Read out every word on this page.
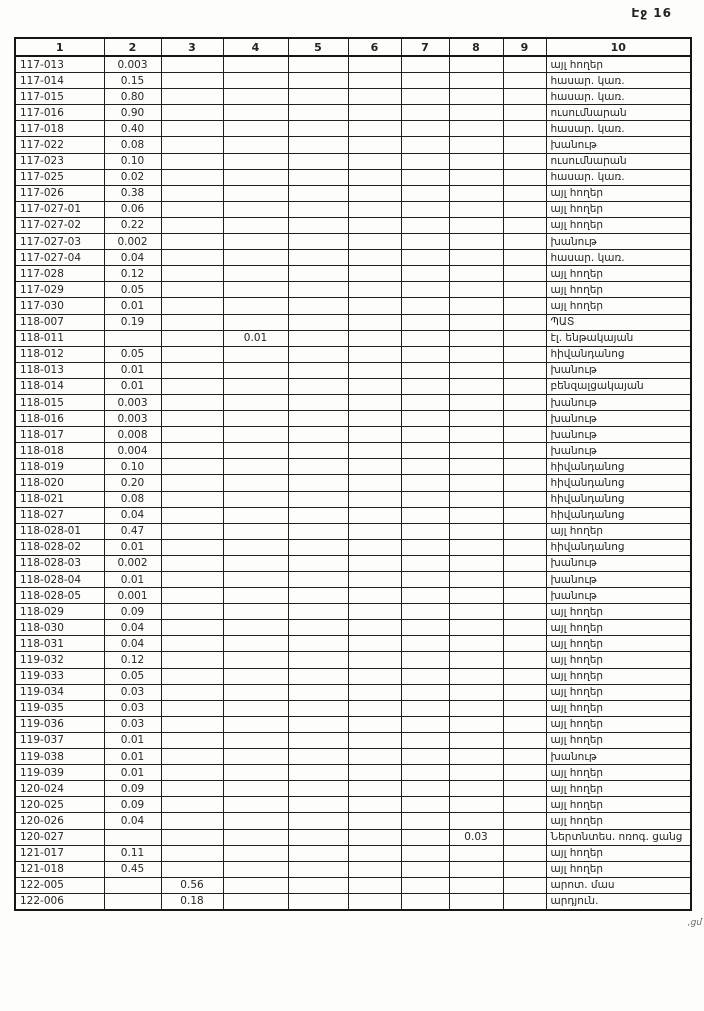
Էջ 16
1	2	3	4	5	6	7	8	9	10
117-013	0.003								այլ հողեր
117-014	0.15								հասար. կառ.
117-015	0.80								հասար. կառ.
117-016	0.90								ուսումնարան
117-018	0.40								հասար. կառ.
117-022	0.08								խանութ
117-023	0.10								ուսումնարան
117-025	0.02								հասար. կառ.
117-026	0.38								այլ հողեր
117-027-01	0.06								այլ հողեր
117-027-02	0.22								այլ հողեր
117-027-03	0.002								խանութ
117-027-04	0.04								հասար. կառ.
117-028	0.12								այլ հողեր
117-029	0.05								այլ հողեր
117-030	0.01								այլ հողեր
118-007	0.19								ՊԱՏ
118-011			0.01						էլ. ենթակայան
118-012	0.05								հիվանդանոց
118-013	0.01								խանութ
118-014	0.01								բենզալցակայան
118-015	0.003								խանութ
118-016	0.003								խանութ
118-017	0.008								խանութ
118-018	0.004								խանութ
118-019	0.10								հիվանդանոց
118-020	0.20								հիվանդանոց
118-021	0.08								հիվանդանոց
118-027	0.04								հիվանդանոց
118-028-01	0.47								այլ հողեր
118-028-02	0.01								հիվանդանոց
118-028-03	0.002								խանութ
118-028-04	0.01								խանութ
118-028-05	0.001								խանութ
118-029	0.09								այլ հողեր
118-030	0.04								այլ հողեր
118-031	0.04								այլ հողեր
119-032	0.12								այլ հողեր
119-033	0.05								այլ հողեր
119-034	0.03								այլ հողեր
119-035	0.03								այլ հողեր
119-036	0.03								այլ հողեր
119-037	0.01								այլ հողեր
119-038	0.01								խանութ
119-039	0.01								այլ հողեր
120-024	0.09								այլ հողեր
120-025	0.09								այլ հողեր
120-026	0.04								այլ հողեր
120-027							0.03		Ներտնտես. ոռոգ. ցանց
121-017	0.11								այլ հողեր
121-018	0.45								այլ հողեր
122-005		0.56							արոտ. մաս
122-006		0.18							արդյուն.
,ցմ
